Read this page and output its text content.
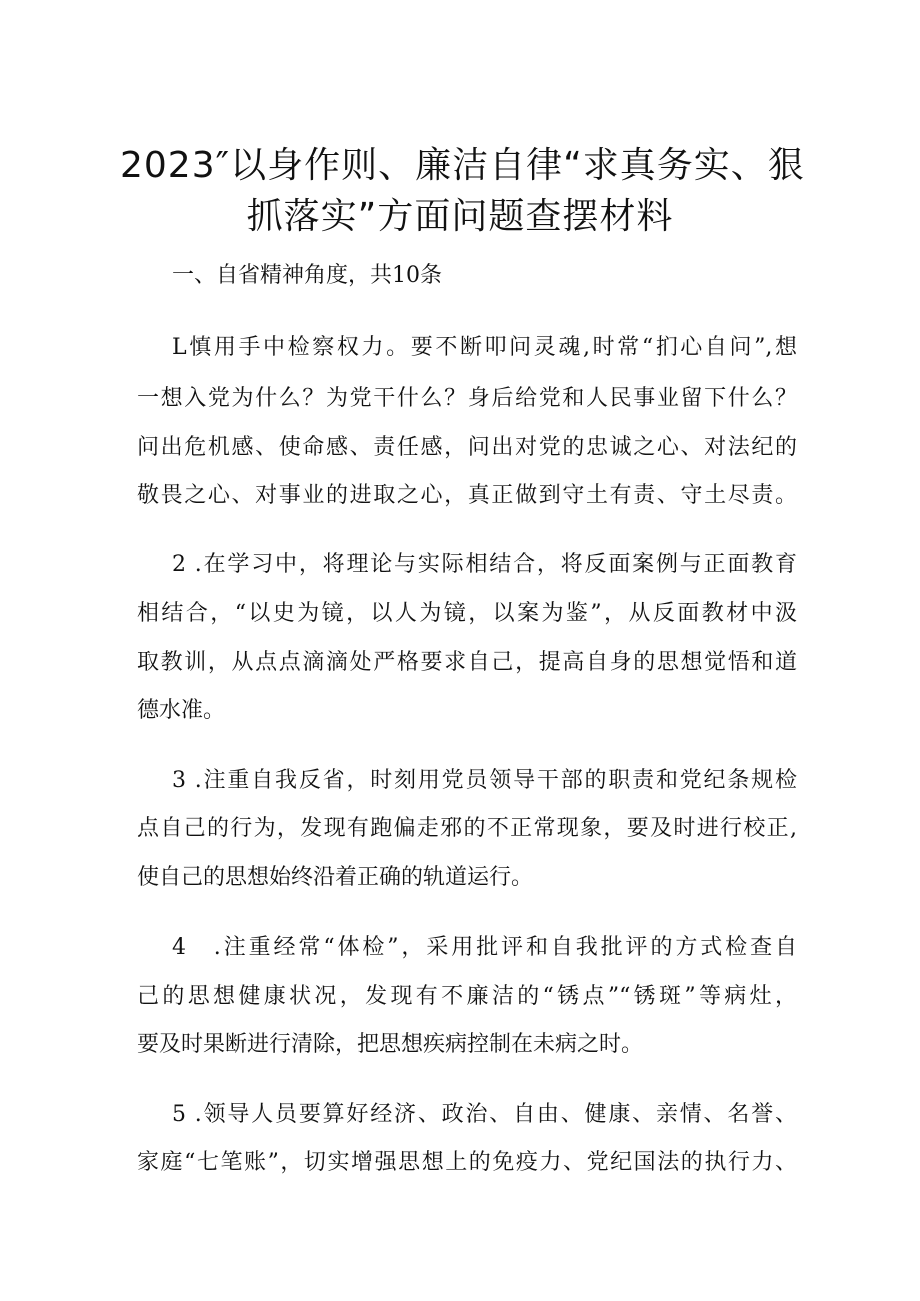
2023″以身作则、廉洁自律“求真务实、狠
抓落实”方面问题查摆材料
一、自省精神角度，共10条
L慎用手中检察权力。要不断叩问灵魂,时常“扪心自问”,想
一想入党为什么？为党干什么？身后给党和人民事业留下什么？
问出危机感、使命感、责任感，问出对党的忠诚之心、对法纪的
敬畏之心、对事业的进取之心，真正做到守土有责、守土尽责。
2 .在学习中，将理论与实际相结合，将反面案例与正面教育
相结合，“以史为镜，以人为镜，以案为鉴”，从反面教材中汲
取教训，从点点滴滴处严格要求自己，提高自身的思想觉悟和道
德水准。
3 .注重自我反省，时刻用党员领导干部的职责和党纪条规检
点自己的行为，发现有跑偏走邪的不正常现象，要及时进行校正,
使自己的思想始终沿着正确的轨道运行。
4　.注重经常“体检”，采用批评和自我批评的方式检查自
己的思想健康状况，发现有不廉洁的“锈点”“锈斑”等病灶，
要及时果断进行清除，把思想疾病控制在未病之时。
5 .领导人员要算好经济、政治、自由、健康、亲情、名誉、
家庭“七笔账”，切实增强思想上的免疫力、党纪国法的执行力、
